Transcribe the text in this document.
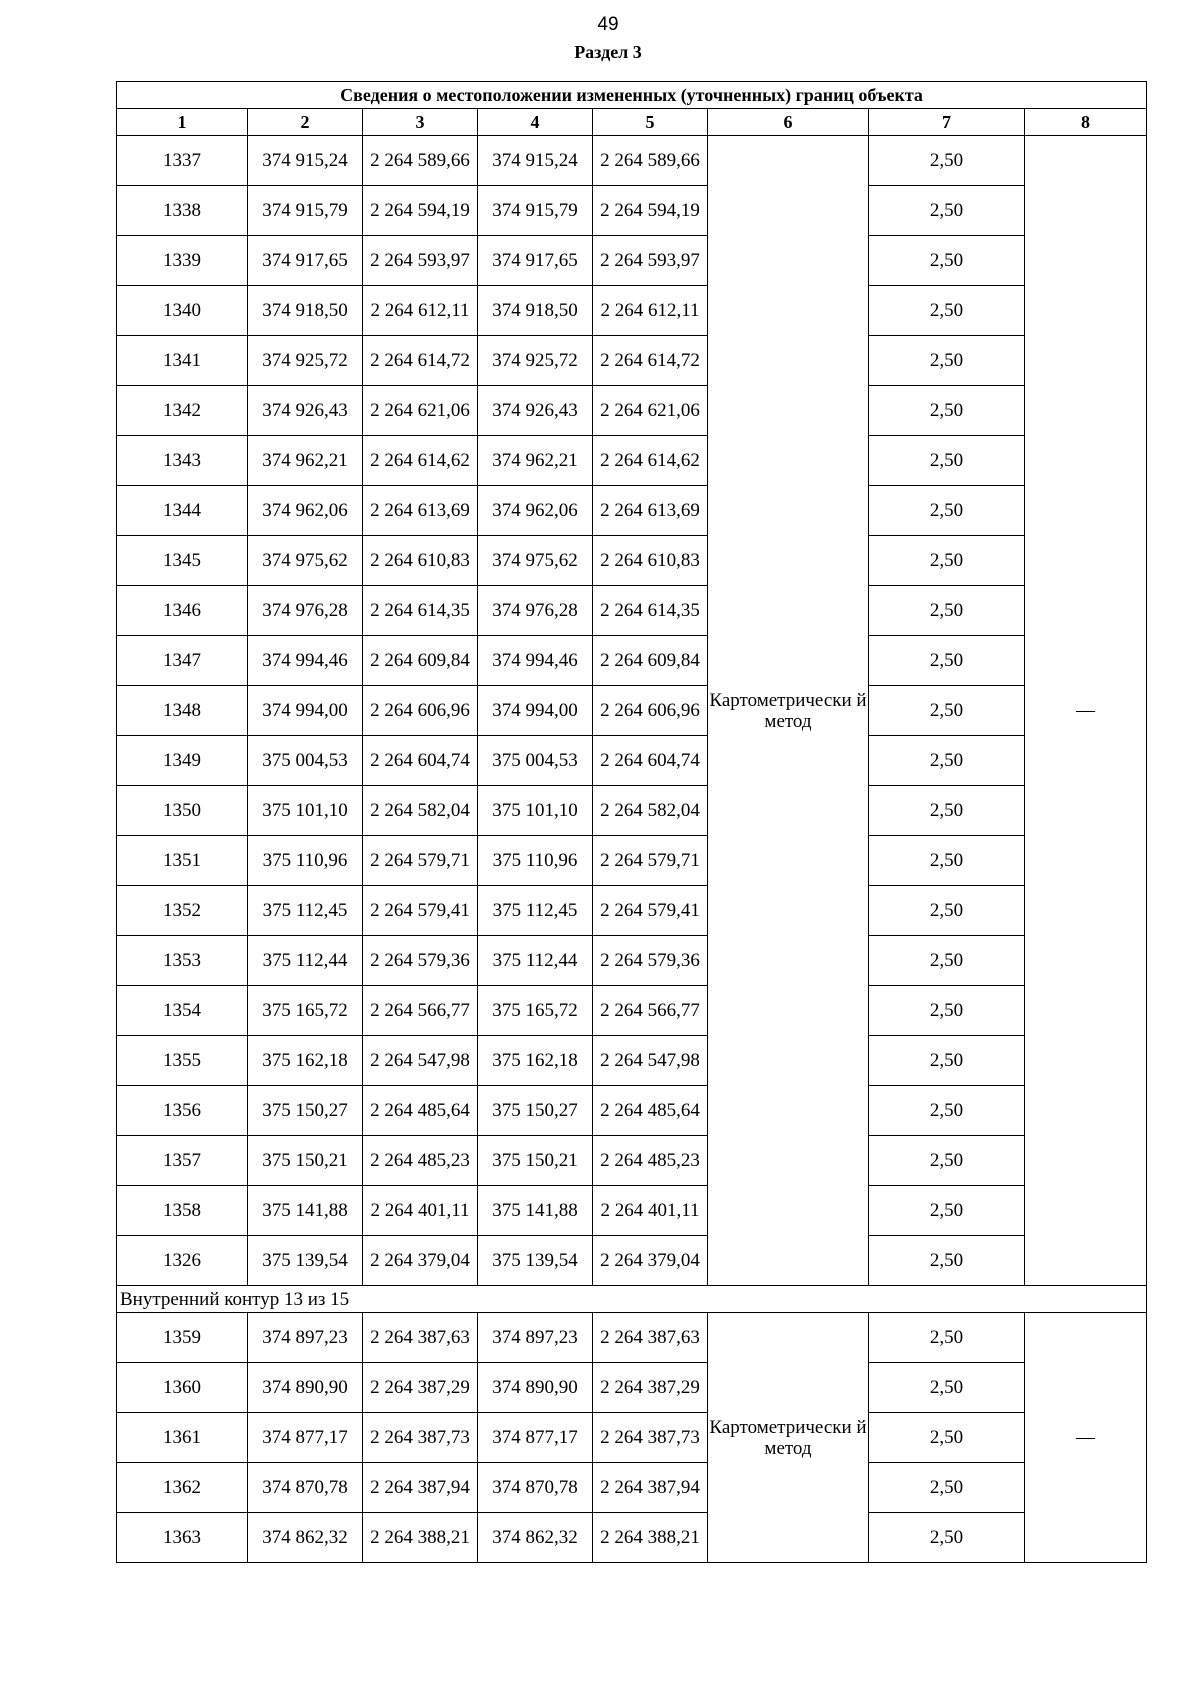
49
Раздел 3
Сведения о местоположении измененных (уточненных) границ объекта							
1	2	3	4	5	6	7	8
1337	374 915,24	2 264 589,66	374 915,24	2 264 589,66	Картометрически й метод	2,50	—
1338	374 915,79	2 264 594,19	374 915,79	2 264 594,19		2,50	
1339	374 917,65	2 264 593,97	374 917,65	2 264 593,97		2,50	
1340	374 918,50	2 264 612,11	374 918,50	2 264 612,11		2,50	
1341	374 925,72	2 264 614,72	374 925,72	2 264 614,72		2,50	
1342	374 926,43	2 264 621,06	374 926,43	2 264 621,06		2,50	
1343	374 962,21	2 264 614,62	374 962,21	2 264 614,62		2,50	
1344	374 962,06	2 264 613,69	374 962,06	2 264 613,69		2,50	
1345	374 975,62	2 264 610,83	374 975,62	2 264 610,83		2,50	
1346	374 976,28	2 264 614,35	374 976,28	2 264 614,35		2,50	
1347	374 994,46	2 264 609,84	374 994,46	2 264 609,84		2,50	
1348	374 994,00	2 264 606,96	374 994,00	2 264 606,96		2,50	
1349	375 004,53	2 264 604,74	375 004,53	2 264 604,74		2,50	
1350	375 101,10	2 264 582,04	375 101,10	2 264 582,04		2,50	
1351	375 110,96	2 264 579,71	375 110,96	2 264 579,71		2,50	
1352	375 112,45	2 264 579,41	375 112,45	2 264 579,41		2,50	
1353	375 112,44	2 264 579,36	375 112,44	2 264 579,36		2,50	
1354	375 165,72	2 264 566,77	375 165,72	2 264 566,77		2,50	
1355	375 162,18	2 264 547,98	375 162,18	2 264 547,98		2,50	
1356	375 150,27	2 264 485,64	375 150,27	2 264 485,64		2,50	
1357	375 150,21	2 264 485,23	375 150,21	2 264 485,23		2,50	
1358	375 141,88	2 264 401,11	375 141,88	2 264 401,11		2,50	
1326	375 139,54	2 264 379,04	375 139,54	2 264 379,04		2,50	
Внутренний контур 13 из 15							
1359	374 897,23	2 264 387,63	374 897,23	2 264 387,63	Картометрически й метод	2,50	—
1360	374 890,90	2 264 387,29	374 890,90	2 264 387,29		2,50	
1361	374 877,17	2 264 387,73	374 877,17	2 264 387,73		2,50	
1362	374 870,78	2 264 387,94	374 870,78	2 264 387,94		2,50	
1363	374 862,32	2 264 388,21	374 862,32	2 264 388,21		2,50	
